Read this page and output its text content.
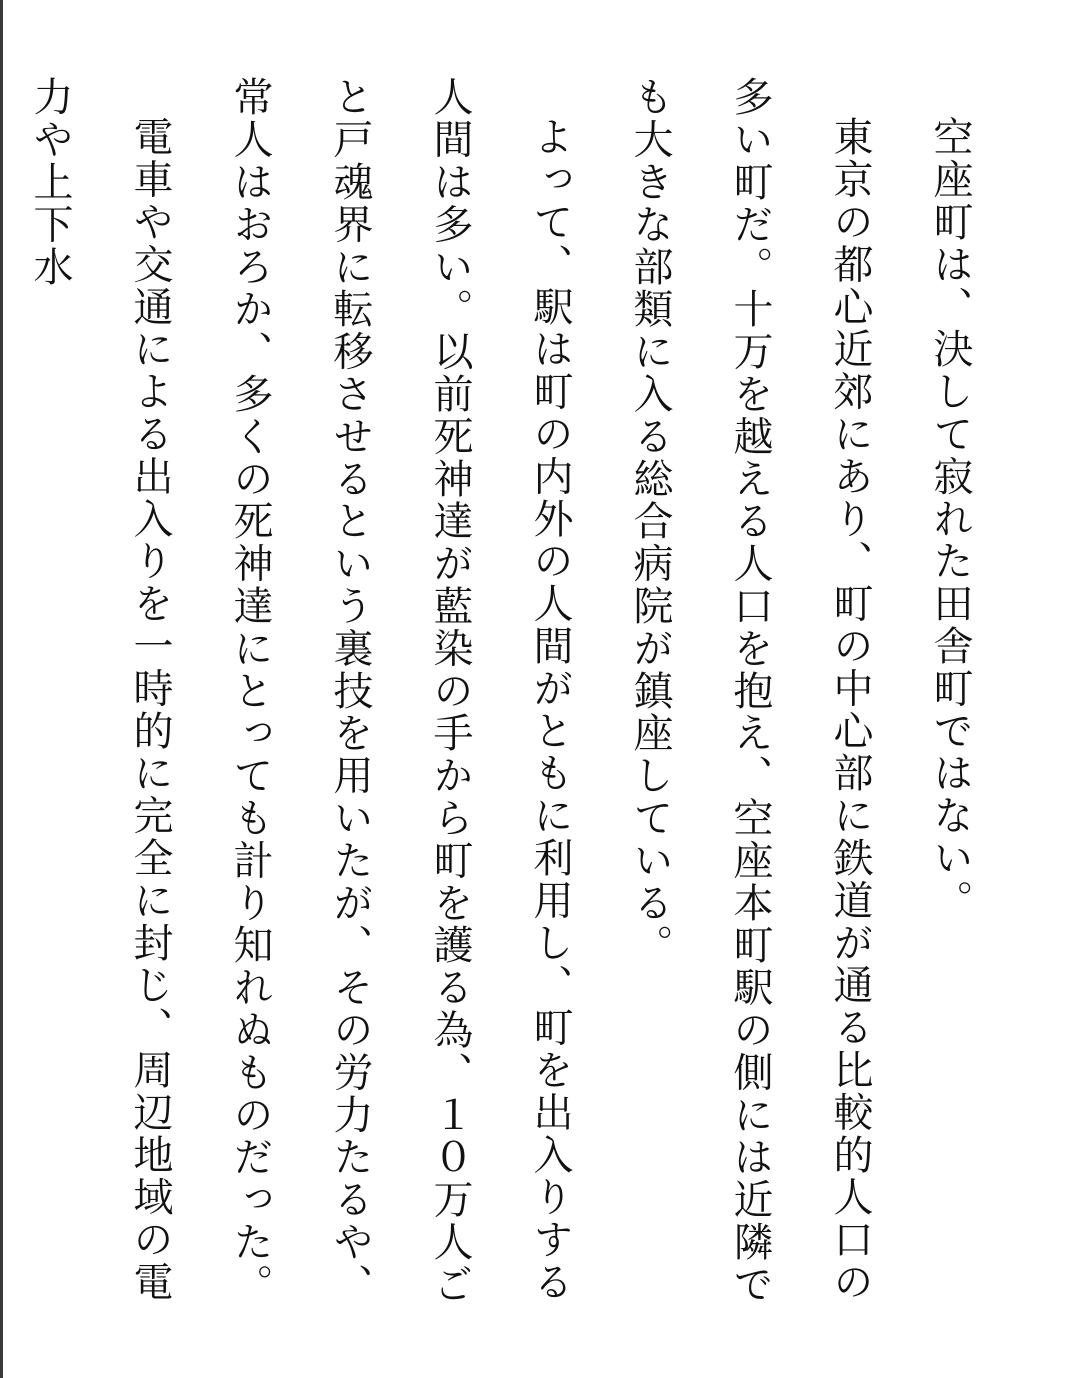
空座町は、決して寂れた田舎町ではない。

東京の都心近郊にあり、町の中心部に鉄道が通る比較的人口の多い町だ。十万を越える人口を抱え、空座本町駅の側には近隣でも大きな部類に入る総合病院が鎮座している。

よって、駅は町の内外の人間がともに利用し、町を出入りする人間は多い。以前死神達が藍染の手から町を護る為、１０万人ごと戸魂界に転移させるという裏技を用いたが、その労力たるや、常人はおろか、多くの死神達にとっても計り知れぬものだった。

電車や交通による出入りを一時的に完全に封じ、周辺地域の電力や上下水
